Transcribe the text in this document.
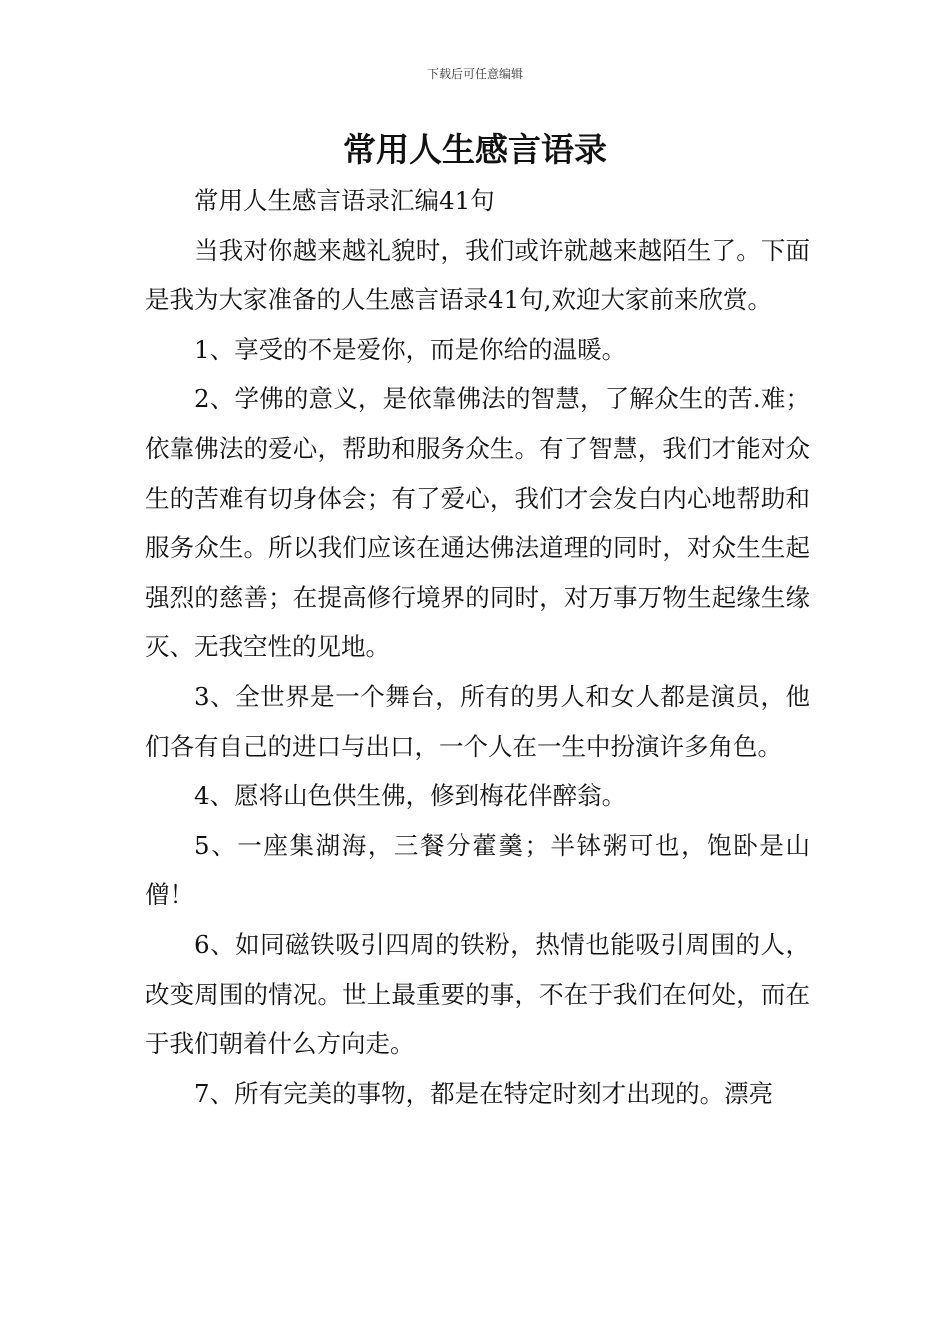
下载后可任意编辑
常用人生感言语录

常用人生感言语录汇编41句

当我对你越来越礼貌时，我们或许就越来越陌生了。下面是我为大家准备的人生感言语录41句,欢迎大家前来欣赏。

1、享受的不是爱你，而是你给的温暖。

2、学佛的意义，是依靠佛法的智慧，了解众生的苦.难；依靠佛法的爱心，帮助和服务众生。有了智慧，我们才能对众生的苦难有切身体会；有了爱心，我们才会发白内心地帮助和服务众生。所以我们应该在通达佛法道理的同时，对众生生起强烈的慈善；在提高修行境界的同时，对万事万物生起缘生缘灭、无我空性的见地。

3、全世界是一个舞台，所有的男人和女人都是演员，他们各有自己的进口与出口，一个人在一生中扮演许多角色。

4、愿将山色供生佛，修到梅花伴醉翁。

5、一座集湖海，三餐分藿羹；半钵粥可也，饱卧是山僧！

6、如同磁铁吸引四周的铁粉，热情也能吸引周围的人，改变周围的情况。世上最重要的事，不在于我们在何处，而在于我们朝着什么方向走。

7、所有完美的事物，都是在特定时刻才出现的。漂亮
